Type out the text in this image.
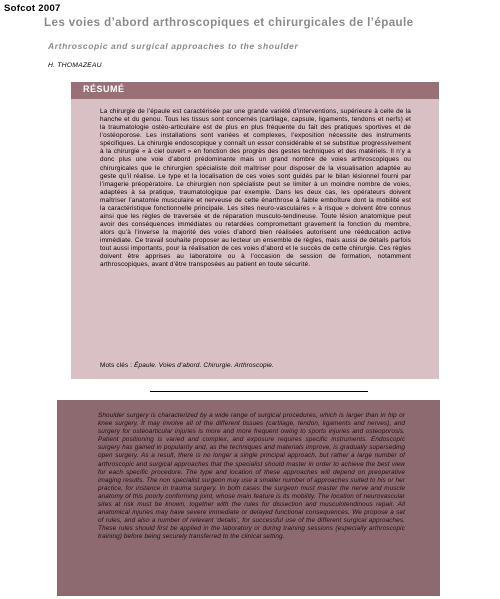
Sofcot 2007
Les voies d’abord arthroscopiques et chirurgicales de l’épaule
Arthroscopic and surgical approaches to the shoulder
H. THOMAZEAU
RÉSUMÉ
La chirurgie de l’épaule est caractérisée par une grande variété d’interventions, supérieure à celle de la hanche et du genou. Tous les tissus sont concernés (cartilage, capsule, ligaments, tendons et nerfs) et la traumatologie ostéo-articulaire est de plus en plus fréquente du fait des pratiques sportives et de l’ostéoporose. Les installations sont variées et complexes, l’exposition nécessite des instruments spécifiques. La chirurgie endoscopique y connaît un essor considérable et se substitue progressivement à la chirurgie « à ciel ouvert » en fonction des progrès des gestes techniques et des matériels. Il n’y a donc plus une voie d’abord prédominante mais un grand nombre de voies arthroscopiques ou chirurgicales que le chirurgien spécialiste doit maîtriser pour disposer de la visualisation adaptée au geste qu’il réalise. Le type et la localisation de ces voies sont guidés par le bilan lésionnel fourni par l’imagerie préopératoire. Le chirurgien non spécialiste peut se limiter à un moindre nombre de voies, adaptées à sa pratique, traumatologique par exemple. Dans les deux cas, les opérateurs doivent maîtriser l’anatomie musculaire et nerveuse de cette énarthrose à faible emboîture dont la mobilité est la caractéristique fonctionnelle principale. Les sites neuro-vasculaires « à risque » doivent être connus ainsi que les règles de traversée et de réparation musculo-tendineuse. Toute lésion anatomique peut avoir des conséquences immédiates ou retardées compromettant gravement la fonction du membre, alors qu’à l’inverse la majorité des voies d’abord bien réalisées autorisent une rééducation active immédiate. Ce travail souhaite proposer au lecteur un ensemble de règles, mais aussi de détails parfois tout aussi importants, pour la réalisation de ces voies d’abord et le succès de cette chirurgie. Ces règles doivent être apprises au laboratoire ou à l’occasion de session de formation, notamment arthroscopiques, avant d’être transposées au patient en toute sécurité.
Mots clés : Épaule. Voies d’abord. Chirurgie. Arthroscopie.
Shoulder surgery is characterized by a wide range of surgical procedures, which is larger than in hip or knee surgery. It may involve all of the different tissues (cartilage, tendon, ligaments and nerves), and surgery for osteoarticular injuries is more and more frequent owing to sports injuries and osteoporosis. Patient positioning is varied and complex, and exposure requires specific instruments. Endoscopic surgery has gained in popularity and, as the techniques and materials improve, is gradually superseding open surgery. As a result, there is no longer a single principal approach, but rather a large number of arthroscopic and surgical approaches that the specialist should master in order to achieve the best view for each specific procedure. The type and location of these approaches will depend on preoperative imaging results. The non specialist surgeon may use a smaller number of approaches suited to his or her practice, for instance in trauma surgery. In both cases the surgeon must master the nerve and muscle anatomy of this poorly conforming joint, whose main feature is its mobility. The location of neurovascular sites at risk must be known, together with the rules for dissection and musculotendinous repair. All anatomical injuries may have severe immediate or delayed functional consequences. We propose a set of rules, and also a number of relevant ‘details’, for successful use of the different surgical approaches. These rules should first be applied in the laboratory or during training sessions (especially arthroscopic training) before being securely transferred to the clinical setting.
